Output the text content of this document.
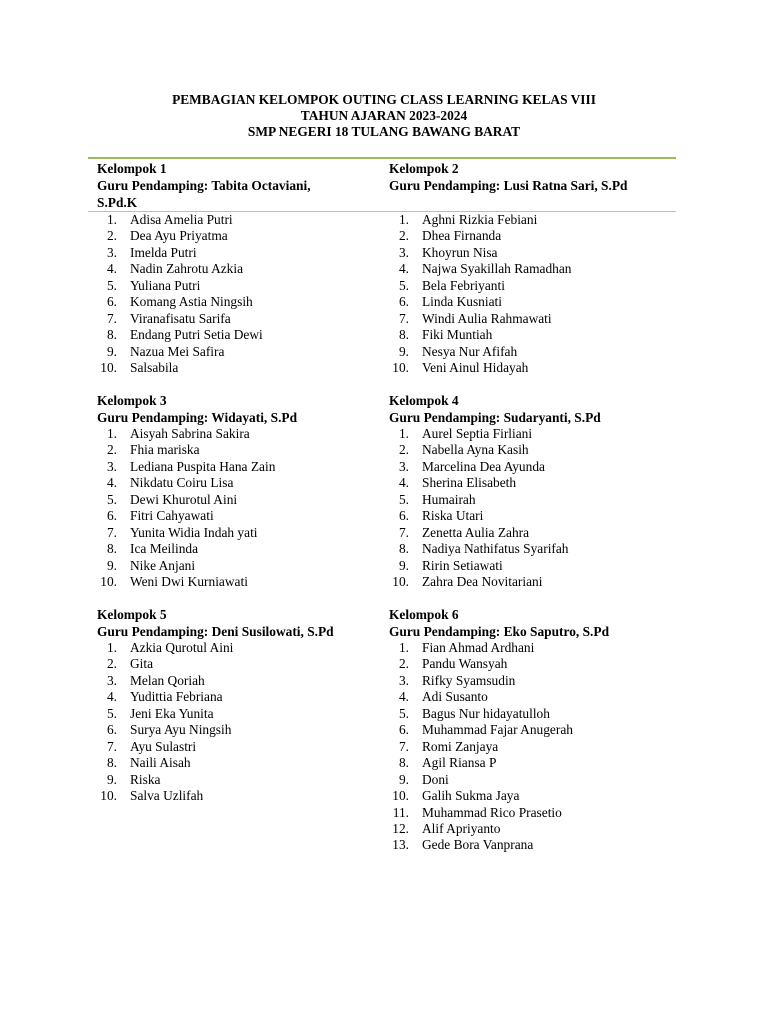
PEMBAGIAN KELOMPOK OUTING CLASS LEARNING KELAS VIII
TAHUN AJARAN 2023-2024
SMP NEGERI 18 TULANG BAWANG BARAT
Kelompok 1
Guru Pendamping: Tabita Octaviani,
S.Pd.K
1. Adisa Amelia Putri
2. Dea Ayu Priyatma
3. Imelda Putri
4. Nadin Zahrotu Azkia
5. Yuliana Putri
6. Komang Astia Ningsih
7. Viranafisatu Sarifa
8. Endang Putri Setia Dewi
9. Nazua Mei Safira
10. Salsabila
Kelompok 2
Guru Pendamping: Lusi Ratna Sari, S.Pd
1. Aghni Rizkia Febiani
2. Dhea Firnanda
3. Khoyrun Nisa
4. Najwa Syakillah Ramadhan
5. Bela Febriyanti
6. Linda Kusniati
7. Windi Aulia Rahmawati
8. Fiki Muntiah
9. Nesya Nur Afifah
10. Veni Ainul Hidayah
Kelompok 3
Guru Pendamping: Widayati, S.Pd
1. Aisyah Sabrina Sakira
2. Fhia mariska
3. Lediana Puspita Hana Zain
4. Nikdatu Coiru Lisa
5. Dewi Khurotul Aini
6. Fitri Cahyawati
7. Yunita Widia Indah yati
8. Ica Meilinda
9. Nike Anjani
10. Weni Dwi Kurniawati
Kelompok 4
Guru Pendamping: Sudaryanti, S.Pd
1. Aurel Septia Firliani
2. Nabella Ayna Kasih
3. Marcelina Dea Ayunda
4. Sherina Elisabeth
5. Humairah
6. Riska Utari
7. Zenetta Aulia Zahra
8. Nadiya Nathifatus Syarifah
9. Ririn Setiawati
10. Zahra Dea Novitariani
Kelompok 5
Guru Pendamping: Deni Susilowati, S.Pd
1. Azkia Qurotul Aini
2. Gita
3. Melan Qoriah
4. Yudittia Febriana
5. Jeni Eka Yunita
6. Surya Ayu Ningsih
7. Ayu Sulastri
8. Naili Aisah
9. Riska
10. Salva Uzlifah
Kelompok 6
Guru Pendamping: Eko Saputro, S.Pd
1. Fian Ahmad Ardhani
2. Pandu Wansyah
3. Rifky Syamsudin
4. Adi Susanto
5. Bagus Nur hidayatulloh
6. Muhammad Fajar Anugerah
7. Romi Zanjaya
8. Agil Riansa P
9. Doni
10. Galih Sukma Jaya
11. Muhammad Rico Prasetio
12. Alif Apriyanto
13. Gede Bora Vanprana
